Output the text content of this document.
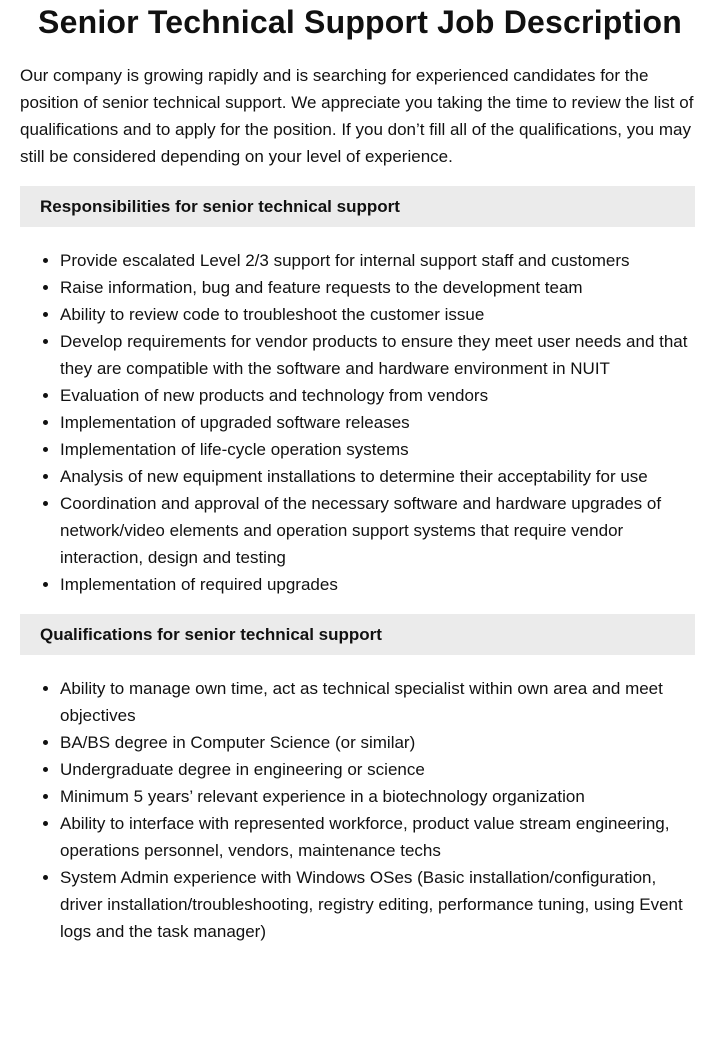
Senior Technical Support Job Description

Our company is growing rapidly and is searching for experienced candidates for the position of senior technical support. We appreciate you taking the time to review the list of qualifications and to apply for the position. If you don’t fill all of the qualifications, you may still be considered depending on your level of experience.

Responsibilities for senior technical support
• Provide escalated Level 2/3 support for internal support staff and customers
• Raise information, bug and feature requests to the development team
• Ability to review code to troubleshoot the customer issue
• Develop requirements for vendor products to ensure they meet user needs and that they are compatible with the software and hardware environment in NUIT
• Evaluation of new products and technology from vendors
• Implementation of upgraded software releases
• Implementation of life-cycle operation systems
• Analysis of new equipment installations to determine their acceptability for use
• Coordination and approval of the necessary software and hardware upgrades of network/video elements and operation support systems that require vendor interaction, design and testing
• Implementation of required upgrades
Qualifications for senior technical support
• Ability to manage own time, act as technical specialist within own area and meet objectives
• BA/BS degree in Computer Science (or similar)
• Undergraduate degree in engineering or science
• Minimum 5 years’ relevant experience in a biotechnology organization
• Ability to interface with represented workforce, product value stream engineering, operations personnel, vendors, maintenance techs
• System Admin experience with Windows OSes (Basic installation/configuration, driver installation/troubleshooting, registry editing, performance tuning, using Event logs and the task manager)
